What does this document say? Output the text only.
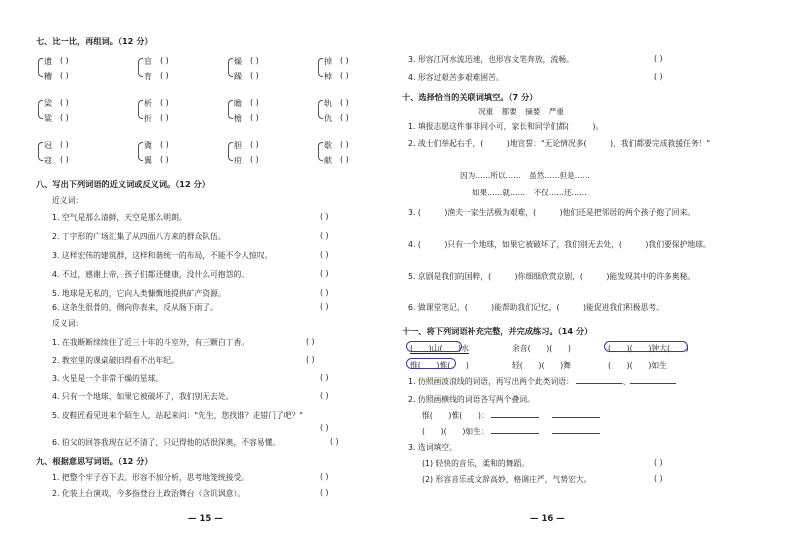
七、比一比，再组词。（12 分）
遗 ( )
糟 ( )
盲 ( )
育 ( )
燥 ( )
躁 ( )
掉 ( )
棹 ( )
梁 ( )
粱 ( )
析 ( )
折 ( )
瞻 ( )
檐 ( )
轨 ( )
仇 ( )
冠 ( )
寇 ( )
冀 ( )
翼 ( )
胆 ( )
疸 ( )
歇 ( )
献 ( )
八、写出下列词语的近义词或反义词。（12 分）
近义词：
1. 空气是那么清鲜，天空是那么明朗。	( )
2. 丁字形的广场汇集了从四面八方来的群众队伍。	( )
3. 这样宏伟的建筑群，这样和谐统一的布局，不能不令人惊叹。	( )
4. 不过，感谢上帝，孩子们都还健康，没什么可抱怨的。	( )
5. 地球是无私的，它向人类慷慨地提供矿产资源。	( )
6. 这条生很骨的，侧向你表来，反从肠下雨了。	( )
反义词：
1. 在我断断续续住了近三十年的斗室外，有三颗白丁香。	( )
2. 教室里的课桌破旧得看不出年纪。	( )
3. 火星是一个非常干燥的星球。	( )
4. 只有一个地球，如果它被破坏了，我们别无去处。	( )
5. 皮鞋匠看见进来个陌生人，站起来问："先生，您找谁？走错门了吧？"
( )
6. 伯父的回答我现在记不清了，只记得他的话很深奥，不容易懂。	( )
九、根据意思写词语。（12 分）
1. 把整个牢子吞下去。形容不加分析，思考地笼统接受。	( )
2. 化装上台演戏，今多指登台上政治舞台（含讥讽意）。	( )
— 15 —
3. 形容江河水流迅速，也形容文笔奔放，流畅。	( )
4. 形容过艰苦多艰难困苦。	( )
十、选择恰当的关联词填空。（7 分）
况重 都要 摘要 严重
1. 填报志愿这件事非同小可，家长和同学们都(　　　)。
2. 战士们举起右手，(　　　)地宣誓："无论情况多(　　　)，我们都要完成救援任务！"
因为……所以…… 虽然……但是……
如果……就…… 不仅……还……
3. (　　　)渔夫一家生活极为艰难，(　　　)他们还是把邻居的两个孩子抱了回来。
4. (　　　)只有一个地球，如果它被破坏了，我们别无去处，(　　　)我们要保护地球。
5. 京剧是我们的国粹，(　　　)你细细欣赏京剧，(　　　)能发现其中的许多奥秘。
6. 做课堂笔记，(　　　)能帮助我们记忆，(　　　)能促进我们积极思考。
十一、将下列词语补充完整，并完成练习。（14 分）
(　　)山(　　)水	余音(　　)(　　)	(　　)(　　)钟大(　　)
惟(　　)惟(　　)	轻(　　)(　　)舞	(　　)(　　)如生
1. 仿照画波浪线的词语，再写出两个此类词语：	、
2. 仿照画横线的词语各写两个叠词。
惟(　　)惟(　　)：
(　　)(　　)如生：
3. 选词填空。
(1) 轻快的音乐，柔和的舞蹈。	( )
(2) 形容音乐或文辞高妙，格调庄严，气势宏大。	( )
— 16 —
